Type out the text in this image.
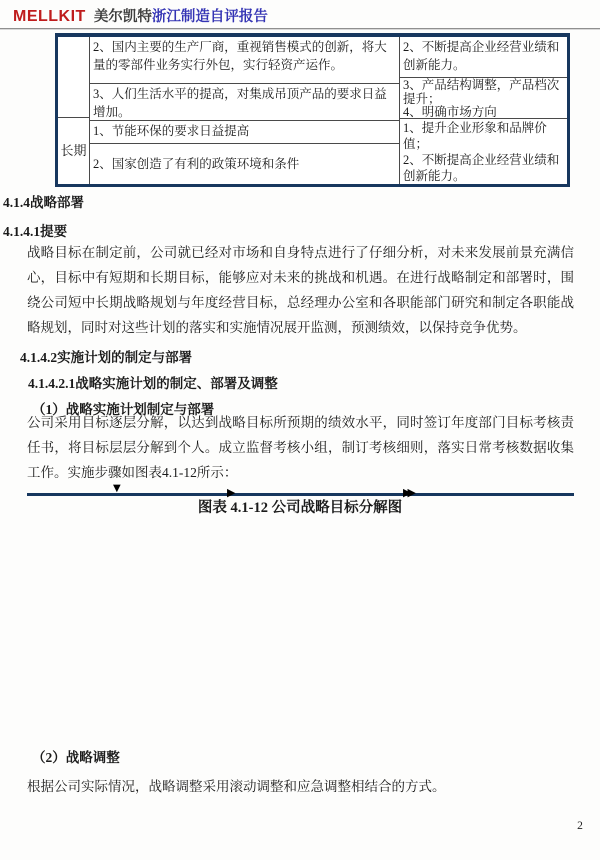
MELLKIT 美尔凯特浙江制造自评报告
长期
2、国内主要的生产厂商，重视销售模式的创新，将大量的零部件业务实行外包，实行轻资产运作。
3、人们生活水平的提高，对集成吊顶产品的要求日益增加。
1、节能环保的要求日益提高
2、国家创造了有利的政策环境和条件
2、不断提高企业经营业绩和创新能力。
3、产品结构调整，产品档次提升；
4、明确市场方向
1、提升企业形象和品牌价值；
2、不断提高企业经营业绩和创新能力。
4.1.4战略部署
4.1.4.1提要
战略目标在制定前，公司就已经对市场和自身特点进行了仔细分析，对未来发展前景充满信心，目标中有短期和长期目标，能够应对未来的挑战和机遇。在进行战略制定和部署时，围绕公司短中长期战略规划与年度经营目标，总经理办公室和各职能部门研究和制定各职能战略规划，同时对这些计划的落实和实施情况展开监测，预测绩效，以保持竞争优势。
4.1.4.2实施计划的制定与部署
4.1.4.2.1战略实施计划的制定、部署及调整
（1）战略实施计划制定与部署
公司采用目标逐层分解，以达到战略目标所预期的绩效水平，同时签订年度部门目标考核责任书，将目标层层分解到个人。成立监督考核小组，制订考核细则，落实日常考核数据收集工作。实施步骤如图表4.1-12所示：
▼	▶	▶▶
图表 4.1-12 公司战略目标分解图
（2）战略调整
根据公司实际情况，战略调整采用滚动调整和应急调整相结合的方式。
2
